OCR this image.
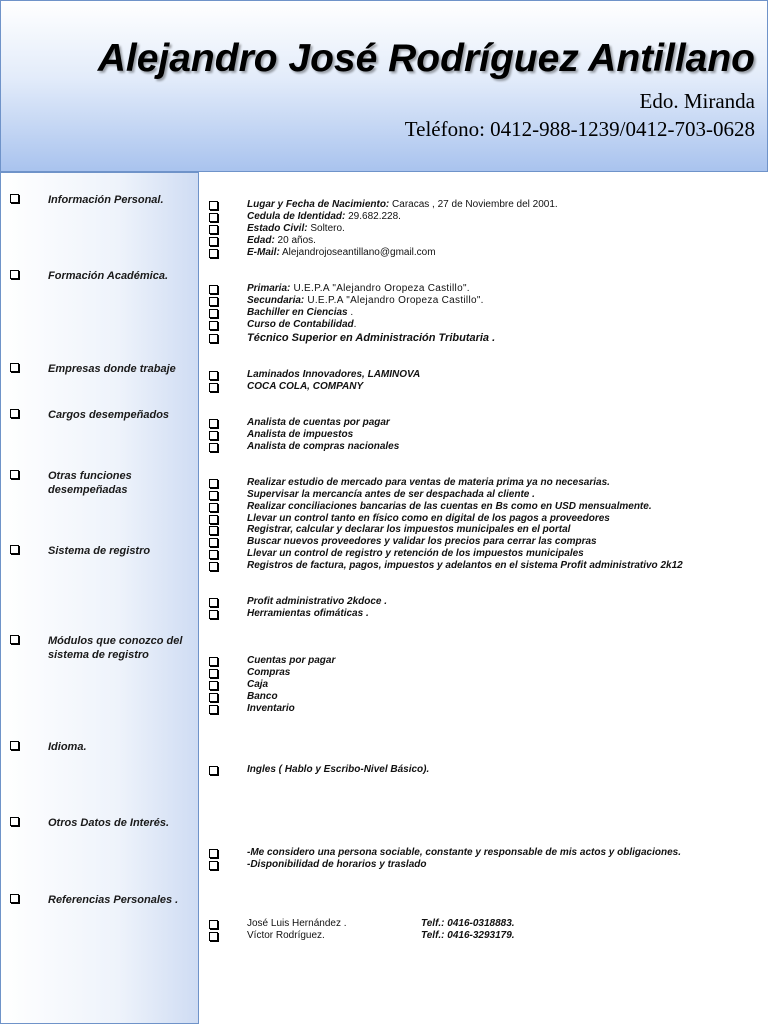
Alejandro José Rodríguez Antillano
Edo. Miranda
Teléfono: 0412-988-1239/0412-703-0628
Información Personal.
Formación Académica.
Empresas donde trabaje
Cargos desempeñados
Otras funciones desempeñadas
Sistema de registro
Módulos que conozco del sistema de registro
Idioma.
Otros Datos de Interés.
Referencias Personales .
Lugar y Fecha de Nacimiento: Caracas , 27 de Noviembre del 2001.
Cedula de Identidad: 29.682.228.
Estado Civil: Soltero.
Edad: 20 años.
E-Mail: Alejandrojoseantillano@gmail.com
Primaria: U.E.P.A "Alejandro Oropeza Castillo".
Secundaria: U.E.P.A "Alejandro Oropeza Castillo".
Bachiller en Ciencias .
Curso de Contabilidad.
Técnico Superior en Administración Tributaria .
Laminados Innovadores, LAMINOVA
COCA COLA, COMPANY
Analista de cuentas por pagar
Analista de impuestos
Analista de compras nacionales
Realizar estudio de mercado para ventas de materia prima ya no necesarias.
Supervisar la mercancía antes de ser despachada al cliente .
Realizar conciliaciones bancarias de las cuentas en Bs como en USD mensualmente.
Llevar un control tanto en físico como en digital de los pagos a proveedores
Registrar, calcular y declarar los impuestos municipales en el portal
Buscar nuevos proveedores y validar los precios para cerrar las compras
Llevar un control de registro y retención de los impuestos municipales
Registros de factura, pagos, impuestos y adelantos en el sistema Profit administrativo 2k12
Profit administrativo 2kdoce .
Herramientas ofimáticas .
Cuentas por pagar
Compras
Caja
Banco
Inventario
Ingles ( Hablo y Escribo-Nivel Básico).
-Me considero una persona sociable, constante y responsable de mis actos y obligaciones.
-Disponibilidad de horarios y traslado
José Luis Hernández .	Telf.: 0416-0318883.
Víctor Rodríguez.	Telf.: 0416-3293179.
